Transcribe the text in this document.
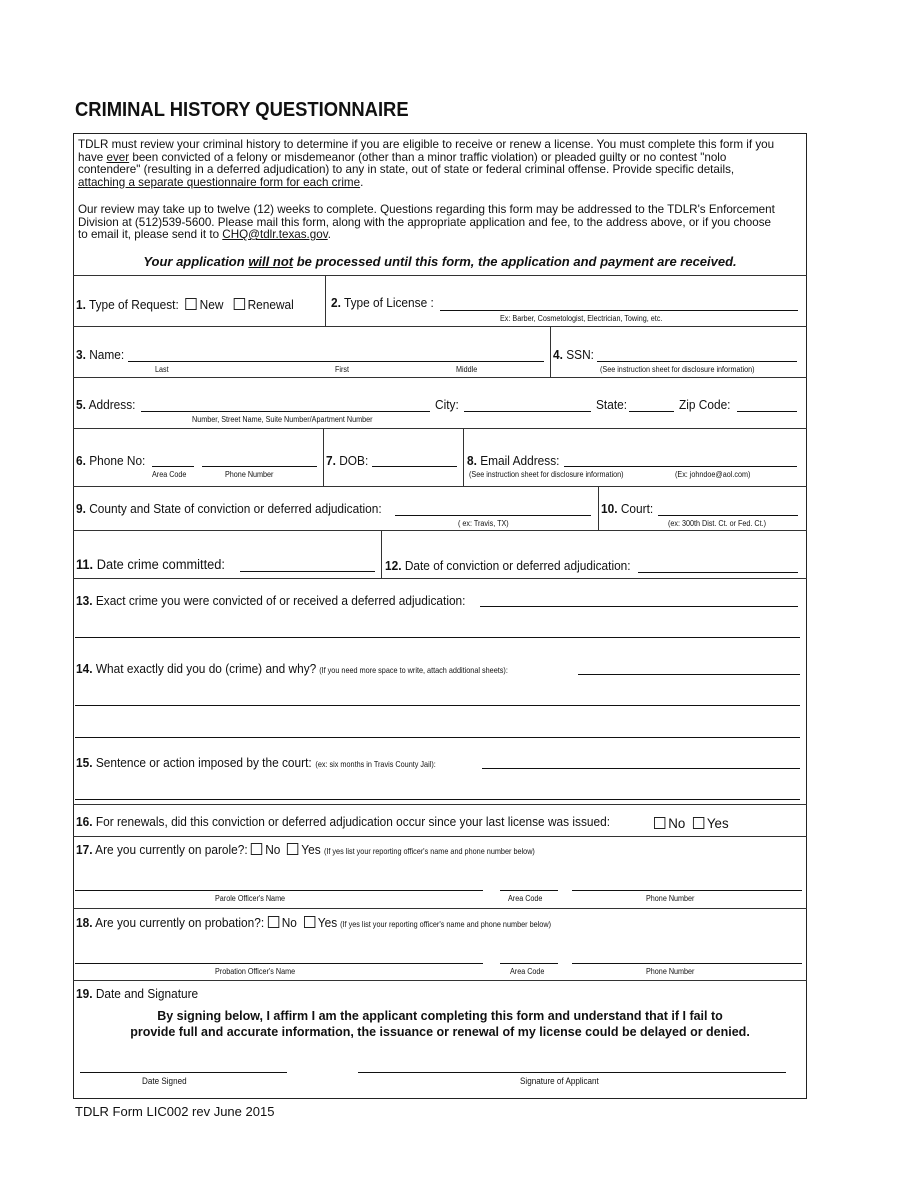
CRIMINAL HISTORY QUESTIONNAIRE
TDLR must review your criminal history to determine if you are eligible to receive or renew a license. You must complete this form if you have ever been convicted of a felony or misdemeanor (other than a minor traffic violation) or pleaded guilty or no contest "nolo contendere" (resulting in a deferred adjudication) to any in state, out of state or federal criminal offense. Provide specific details, attaching a separate questionnaire form for each crime.
Our review may take up to twelve (12) weeks to complete. Questions regarding this form may be addressed to the TDLR's Enforcement Division at (512)539-5600. Please mail this form, along with the appropriate application and fee, to the address above, or if you choose to email it, please send it to CHQ@tdlr.texas.gov.
Your application will not be processed until this form, the application and payment are received.
1. Type of Request: New Renewal	2. Type of License :
Ex: Barber, Cosmetologist, Electrician, Towing, etc.
3. Name:
Last	First	Middle
4. SSN:
(See instruction sheet for disclosure information)
5. Address:
Number, Street Name, Suite Number/Apartment Number
City:	State:	Zip Code:
6. Phone No:
Area Code	Phone Number
7. DOB:	8. Email Address:
(See instruction sheet for disclosure information)	(Ex: johndoe@aol.com)
9. County and State of conviction or deferred adjudication:
( ex: Travis, TX)
10. Court:
(ex: 300th Dist. Ct. or Fed. Ct.)
11. Date crime committed:	12. Date of conviction or deferred adjudication:
13. Exact crime you were convicted of or received a deferred adjudication:
14. What exactly did you do (crime) and why? (If you need more space to write, attach additional sheets):
15. Sentence or action imposed by the court: (ex: six months in Travis County Jail):
16. For renewals, did this conviction or deferred adjudication occur since your last license was issued:	No Yes
17. Are you currently on parole?: No Yes (If yes list your reporting officer's name and phone number below)
Parole Officer's Name	Area Code	Phone Number
18. Are you currently on probation?: No Yes (If yes list your reporting officer's name and phone number below)
Probation Officer's Name	Area Code	Phone Number
19. Date and Signature
By signing below, I affirm I am the applicant completing this form and understand that if I fail to
provide full and accurate information, the issuance or renewal of my license could be delayed or denied.
Date Signed	Signature of Applicant
TDLR Form LIC002 rev June 2015
